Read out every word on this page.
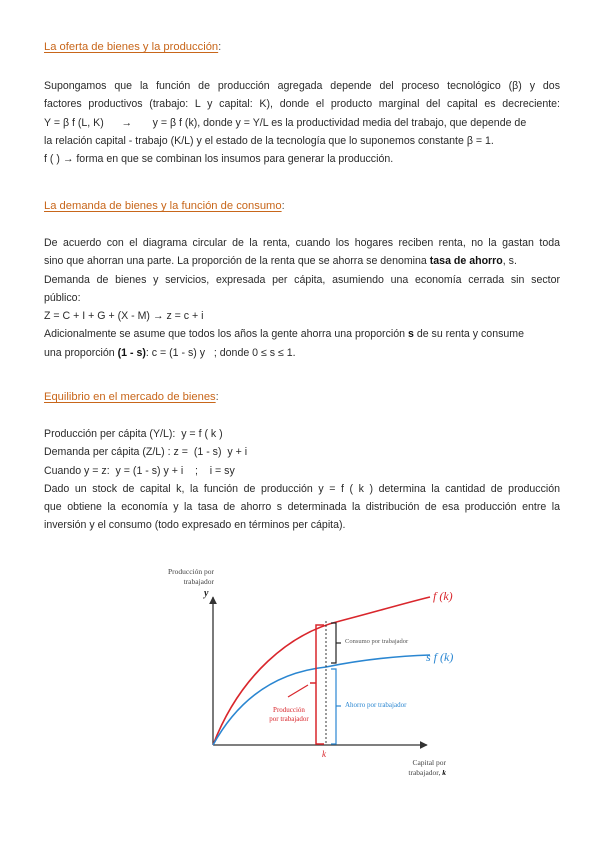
La oferta de bienes y la producción:
Supongamos que la función de producción agregada depende del proceso tecnológico (β) y dos
factores productivos (trabajo: L y capital: K), donde el producto marginal del capital es decreciente:
Y = β f (L, K)      →       y = β f (k), donde y = Y/L es la productividad media del trabajo, que depende de
la relación capital - trabajo (K/L) y el estado de la tecnología que lo suponemos constante β = 1.
f ( ) → forma en que se combinan los insumos para generar la producción.
La demanda de bienes y la función de consumo:
De acuerdo con el diagrama circular de la renta, cuando los hogares reciben renta, no la gastan toda
sino que ahorran una parte. La proporción de la renta que se ahorra se denomina tasa de ahorro, s.
Demanda de bienes y servicios, expresada per cápita, asumiendo una economía cerrada sin sector
público:
Z = C + I + G + (X - M) → z = c + i
Adicionalmente se asume que todos los años la gente ahorra una proporción s de su renta y consume
una proporción (1 - s): c = (1 - s) y   ; donde 0 ≤ s ≤ 1.
Equilibrio en el mercado de bienes:
Producción per cápita (Y/L):  y = f ( k )
Demanda per cápita (Z/L) : z =  (1 - s)  y + i
Cuando y = z:  y = (1 - s) y + i    ;    i = sy
Dado un stock de capital k, la función de producción y = f ( k ) determina la cantidad de producción
que obtiene la economía y la tasa de ahorro s determinada la distribución de esa producción entre la
inversión y el consumo (todo expresado en términos per cápita).
Producción por
trabajador
y	f (k)
s f (k)
Consumo por trabajador
Ahorro por trabajador
Producción
por trabajador
k
Capital por
trabajador, k
